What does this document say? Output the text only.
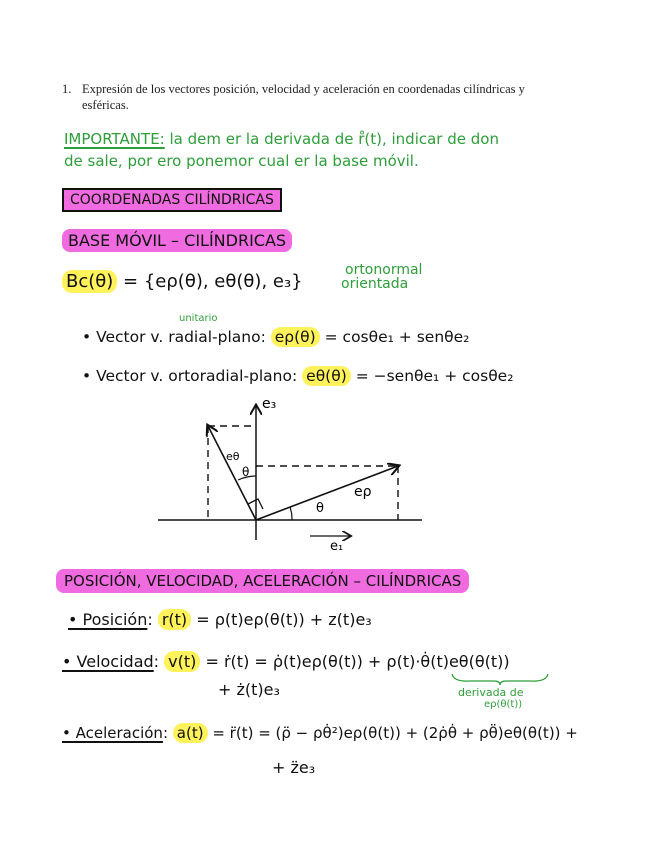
1. Expresión de los vectores posición, velocidad y aceleración en coordenadas cilíndricas y
esféricas.
IMPORTANTE: la dem er la derivada de r̊(t), indicar de don
de sale, por ero ponemor cual er la base móvil.
COORDENADAS CILÍNDRICAS
BASE MÓVIL – CILÍNDRICAS
Bc(θ) = {eρ(θ), eθ(θ), e₃}
ortonormal
orientada
unitario
• Vector v. radial-plano: eρ(θ) = cosθe₁ + senθe₂
• Vector v. ortoradial-plano: eθ(θ) = −senθe₁ + cosθe₂
e₃
eθ
θ
θ
eρ
e₁
POSICIÓN, VELOCIDAD, ACELERACIÓN – CILÍNDRICAS
• Posición: r(t) = ρ(t)eρ(θ(t)) + z(t)e₃
• Velocidad: v(t) = ṙ(t) = ρ̇(t)eρ(θ(t)) + ρ(t)·θ̇(t)eθ(θ(t))
+ ż(t)e₃	derivada de
eρ(θ(t))
• Aceleración: a(t) = r̈(t) = (ρ̈ − ρθ̇²)eρ(θ(t)) + (2ρ̇θ̇ + ρθ̈)eθ(θ(t)) +
+ z̈e₃
